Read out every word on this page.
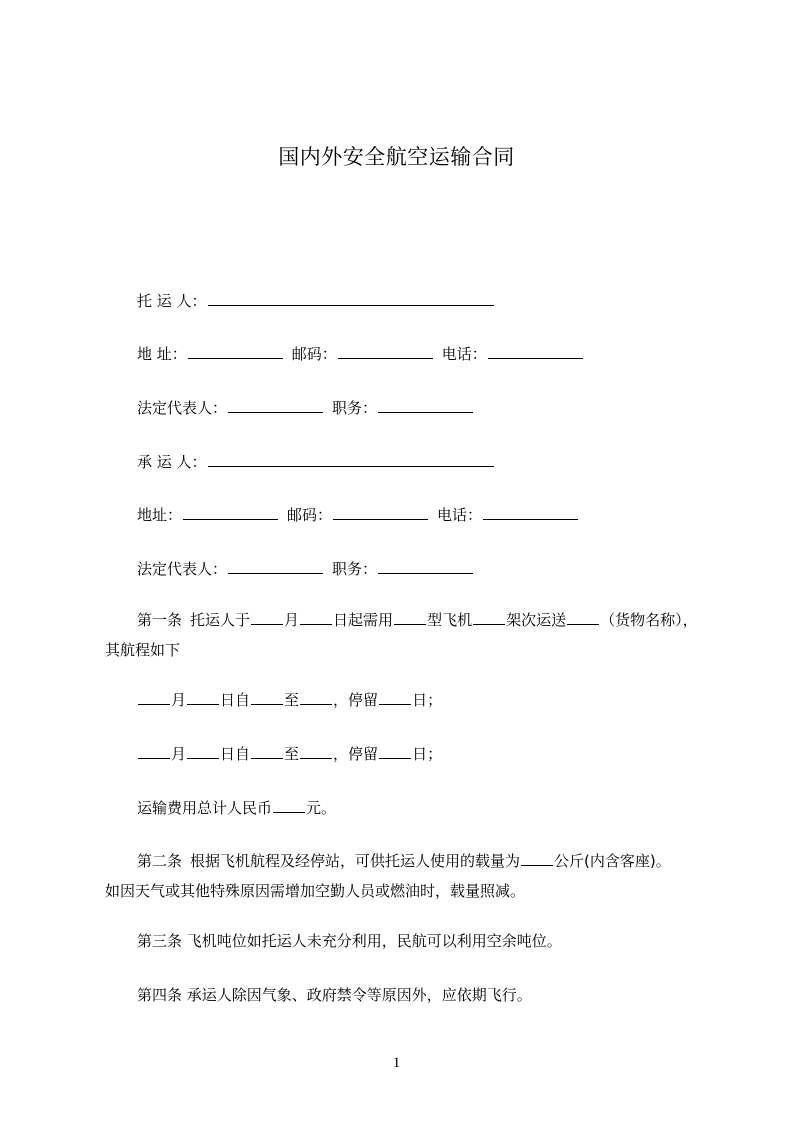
国内外安全航空运输合同
托 运 人：
地 址：	邮码：	电话：
法定代表人：	职务：
承 运 人：
地址：	邮码：	电话：
法定代表人：	职务：
第一条 托运人于 月 日起需用 型飞机 架次运送 （货物名称），
其航程如下
月 日自 至 ，停留 日；
月 日自 至 ，停留 日；
运输费用总计人民币 元。
第二条 根据飞机航程及经停站，可供托运人使用的载量为 公斤(内含客座)。
如因天气或其他特殊原因需增加空勤人员或燃油时，载量照减。
第三条 飞机吨位如托运人未充分利用，民航可以利用空余吨位。
第四条 承运人除因气象、政府禁令等原因外，应依期飞行。
1
